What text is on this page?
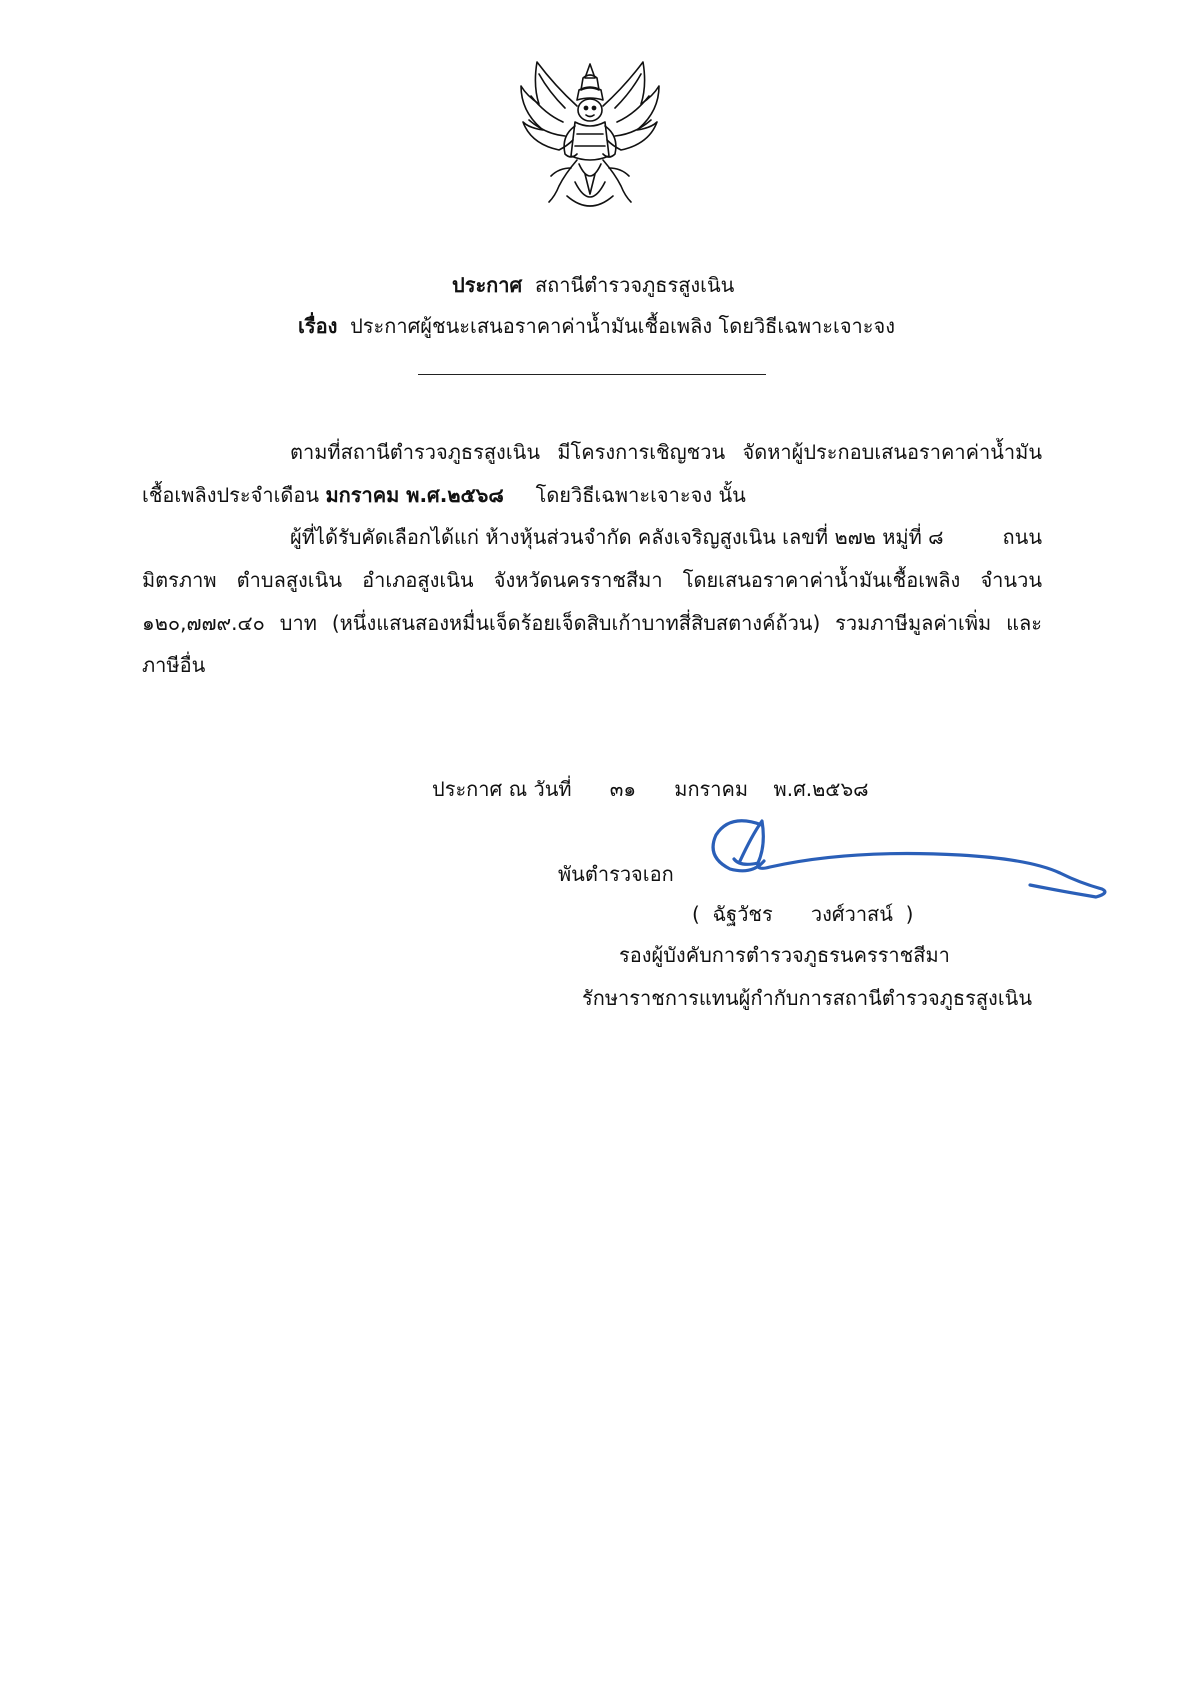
ประกาศ สถานีตำรวจภูธรสูงเนิน
เรื่อง ประกาศผู้ชนะเสนอราคาค่าน้ำมันเชื้อเพลิง โดยวิธีเฉพาะเจาะจง
ตามที่สถานีตำรวจภูธรสูงเนิน มีโครงการเชิญชวน จัดหาผู้ประกอบเสนอราคาค่าน้ำมัน
เชื้อเพลิงประจำเดือน มกราคม พ.ศ.๒๕๖๘ โดยวิธีเฉพาะเจาะจง นั้น
ผู้ที่ได้รับคัดเลือกได้แก่ ห้างหุ้นส่วนจำกัด คลังเจริญสูงเนิน เลขที่ ๒๗๒ หมู่ที่ ๘	ถนน
มิตรภาพ ตำบลสูงเนิน อำเภอสูงเนิน จังหวัดนครราชสีมา โดยเสนอราคาค่าน้ำมันเชื้อเพลิง จำนวน
๑๒๐,๗๗๙.๔๐ บาท (หนึ่งแสนสองหมื่นเจ็ดร้อยเจ็ดสิบเก้าบาทสี่สิบสตางค์ถ้วน) รวมภาษีมูลค่าเพิ่ม และ
ภาษีอื่น
ประกาศ ณ วันที่ ๓๑ มกราคม พ.ศ.๒๕๖๘
พันตำรวจเอก
( ฉัฐวัชร วงศ์วาสน์ )
รองผู้บังคับการตำรวจภูธรนครราชสีมา
รักษาราชการแทนผู้กำกับการสถานีตำรวจภูธรสูงเนิน
